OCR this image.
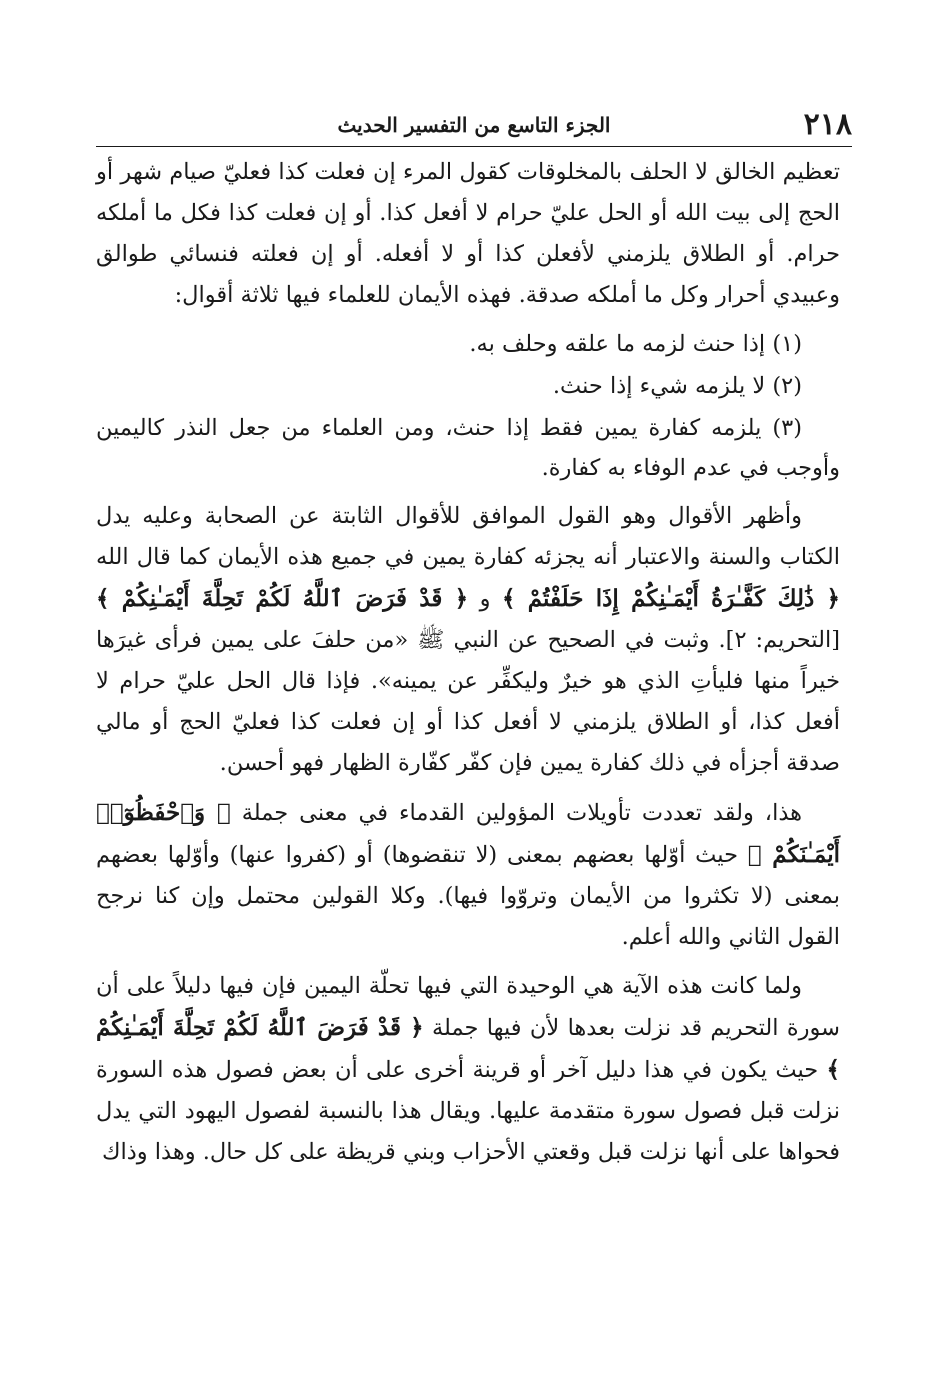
٢١٨
الجزء التاسع من التفسير الحديث

تعظيم الخالق لا الحلف بالمخلوقات كقول المرء إن فعلت كذا فعليّ صيام شهر أو الحج إلى بيت الله أو الحل عليّ حرام لا أفعل كذا. أو إن فعلت كذا فكل ما أملكه حرام. أو الطلاق يلزمني لأفعلن كذا أو لا أفعله. أو إن فعلته فنسائي طوالق وعبيدي أحرار وكل ما أملكه صدقة. فهذه الأيمان للعلماء فيها ثلاثة أقوال:

(١) إذا حنث لزمه ما علقه وحلف به.

(٢) لا يلزمه شيء إذا حنث.

(٣) يلزمه كفارة يمين فقط إذا حنث، ومن العلماء من جعل النذر كاليمين وأوجب في عدم الوفاء به كفارة.

وأظهر الأقوال وهو القول الموافق للأقوال الثابتة عن الصحابة وعليه يدل الكتاب والسنة والاعتبار أنه يجزئه كفارة يمين في جميع هذه الأيمان كما قال الله ﴿ ذَٰلِكَ كَفَّـٰرَةُ أَيْمَـٰنِكُمْ إِذَا حَلَفْتُمْ ﴾ و ﴿ قَدْ فَرَضَ ٱللَّهُ لَكُمْ تَحِلَّةَ أَيْمَـٰنِكُمْ ﴾[التحريم: ٢]. وثبت في الصحيح عن النبي ﷺ «من حلفَ على يمين فرأى غيرَها خيراً منها فليأتِ الذي هو خيرٌ وليكفِّر عن يمينه». فإذا قال الحل عليّ حرام لا أفعل كذا، أو الطلاق يلزمني لا أفعل كذا أو إن فعلت كذا فعليّ الحج أو مالي صدقة أجزأه في ذلك كفارة يمين فإن كفّر كفّارة الظهار فهو أحسن.

هذا، ولقد تعددت تأويلات المؤولين القدماء في معنى جملة ﴿ وَٱحْفَظُوٓا۟ أَيْمَـٰنَكُمْ ﴾ حيث أوّلها بعضهم بمعنى (لا تنقضوها) أو (كفروا عنها) وأوّلها بعضهم بمعنى (لا تكثروا من الأيمان وتروّوا فيها). وكلا القولين محتمل وإن كنا نرجح القول الثاني والله أعلم.

ولما كانت هذه الآية هي الوحيدة التي فيها تحلّة اليمين فإن فيها دليلاً على أن سورة التحريم قد نزلت بعدها لأن فيها جملة ﴿ قَدْ فَرَضَ ٱللَّهُ لَكُمْ تَحِلَّةَ أَيْمَـٰنِكُمْ ﴾ حيث يكون في هذا دليل آخر أو قرينة أخرى على أن بعض فصول هذه السورة نزلت قبل فصول سورة متقدمة عليها. ويقال هذا بالنسبة لفصول اليهود التي يدل فحواها على أنها نزلت قبل وقعتي الأحزاب وبني قريظة على كل حال. وهذا وذاك
